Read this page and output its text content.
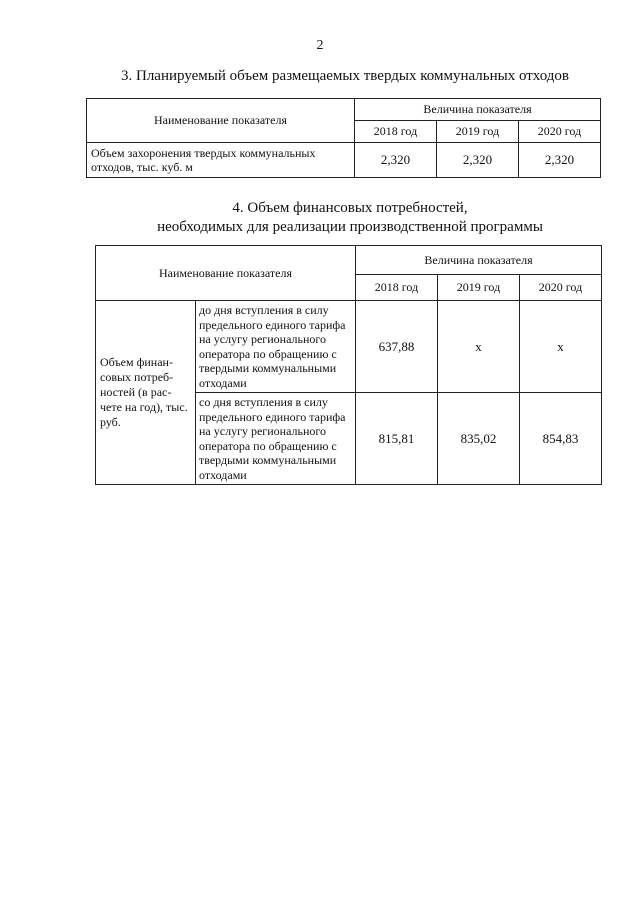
2
3. Планируемый объем размещаемых твердых коммунальных отходов
Наименование показателя	Величина показателя		
	2018 год	2019 год	2020 год
Объем захоронения твердых коммунальных отходов, тыс. куб. м	2,320	2,320	2,320
4. Объем финансовых потребностей,
необходимых для реализации производственной программы
Наименование показателя		Величина показателя		
		2018 год	2019 год	2020 год
Объем финан-совых потреб-ностей (в рас-чете на год), тыс. руб.	до дня вступления в силу предельного единого тарифа на услугу регионального оператора по обращению с твердыми коммунальными отходами	637,88	х	х
	со дня вступления в силу предельного единого тарифа на услугу регионального оператора по обращению с твердыми коммунальными отходами	815,81	835,02	854,83
